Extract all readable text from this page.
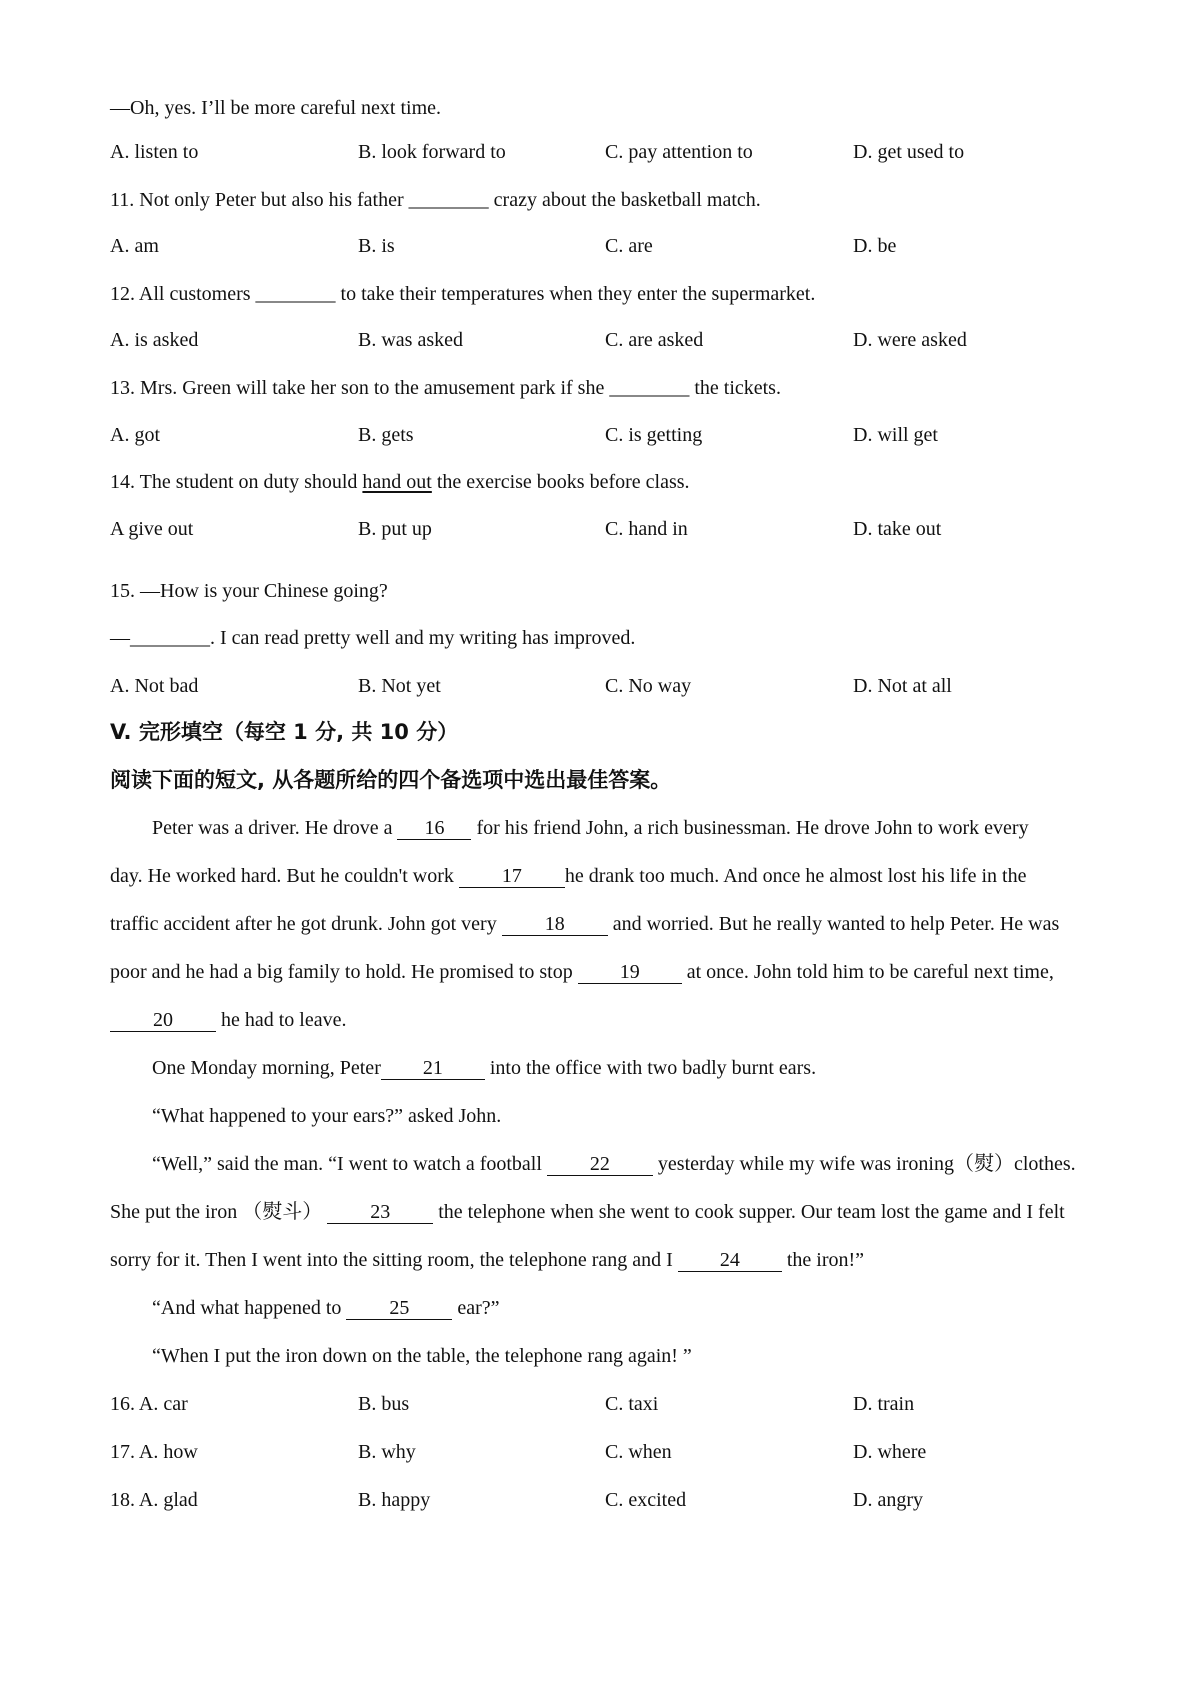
—Oh, yes. I’ll be more careful next time.
A. listen to	B. look forward to	C. pay attention to	D. get used to
11. Not only Peter but also his father ________ crazy about the basketball match.
A. am	B. is	C. are	D. be
12. All customers ________ to take their temperatures when they enter the supermarket.
A. is asked	B. was asked	C. are asked	D. were asked
13. Mrs. Green will take her son to the amusement park if she ________ the tickets.
A. got	B. gets	C. is getting	D. will get
14. The student on duty should hand out the exercise books before class.
A give out	B. put up	C. hand in	D. take out
15. —How is your Chinese going?
—________. I can read pretty well and my writing has improved.
A. Not bad	B. Not yet	C. No way	D. Not at all
V. 完形填空（每空 1 分, 共 10 分）
阅读下面的短文, 从各题所给的四个备选项中选出最佳答案。
Peter was a driver. He drove a 16 for his friend John, a rich businessman. He drove John to work every
day. He worked hard. But he couldn't work 17 he drank too much. And once he almost lost his life in the
traffic accident after he got drunk. John got very 18 and worried. But he really wanted to help Peter. He was
poor and he had a big family to hold. He promised to stop 19 at once. John told him to be careful next time,
20 he had to leave.
One Monday morning, Peter 21 into the office with two badly burnt ears.
“What happened to your ears?” asked John.
“Well,” said the man. “I went to watch a football 22 yesterday while my wife was ironing（熨）clothes.
She put the iron （熨斗） 23 the telephone when she went to cook supper. Our team lost the game and I felt
sorry for it. Then I went into the sitting room, the telephone rang and I 24 the iron!”
“And what happened to 25 ear?”
“When I put the iron down on the table, the telephone rang again! ”
16. A. car	B. bus	C. taxi	D. train
17. A. how	B. why	C. when	D. where
18. A. glad	B. happy	C. excited	D. angry
